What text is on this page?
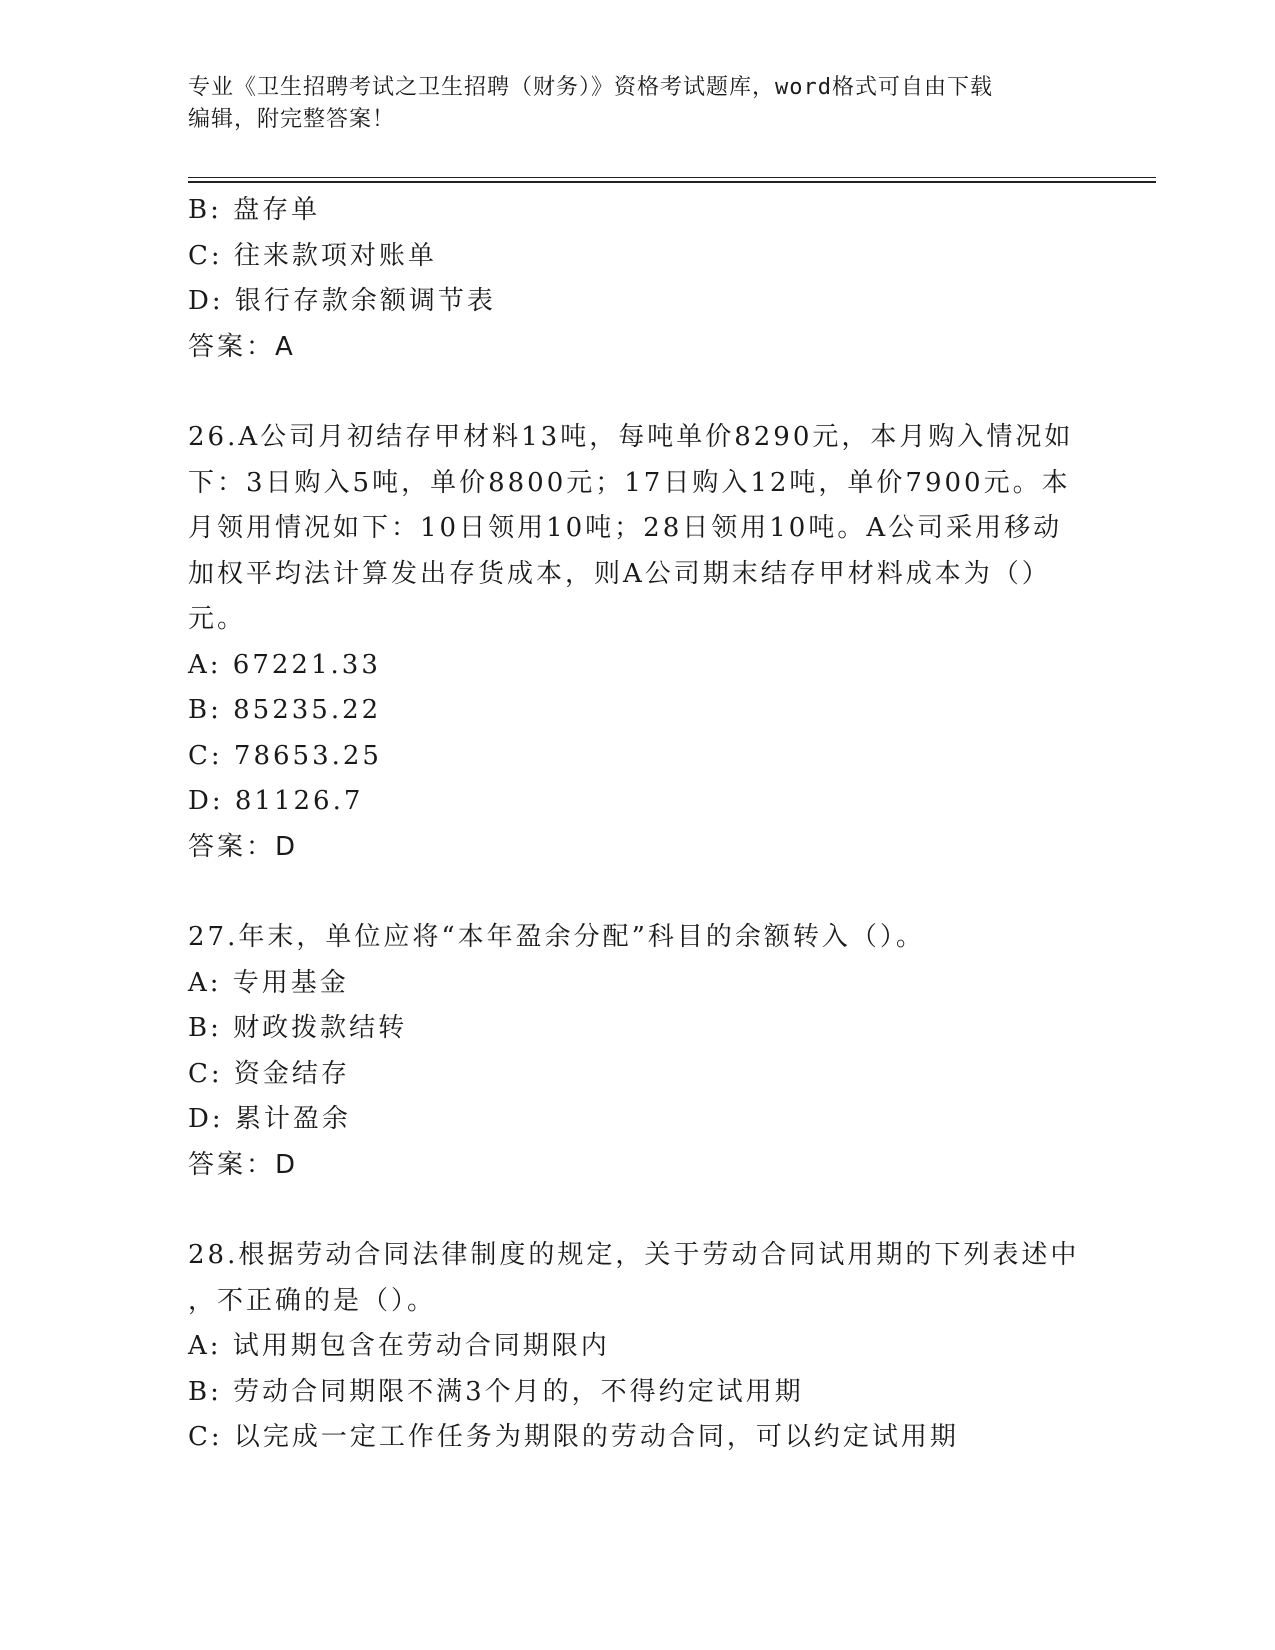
专业《卫生招聘考试之卫生招聘（财务）》资格考试题库，word格式可自由下载
编辑，附完整答案！
B: 盘存单
C: 往来款项对账单
D: 银行存款余额调节表
答案：A
26.A公司月初结存甲材料13吨，每吨单价8290元，本月购入情况如
下：3日购入5吨，单价8800元；17日购入12吨，单价7900元。本
月领用情况如下：10日领用10吨；28日领用10吨。A公司采用移动
加权平均法计算发出存货成本，则A公司期末结存甲材料成本为（）
元。
A: 67221.33
B: 85235.22
C: 78653.25
D: 81126.7
答案：D
27.年末，单位应将“本年盈余分配”科目的余额转入（）。
A: 专用基金
B: 财政拨款结转
C: 资金结存
D: 累计盈余
答案：D
28.根据劳动合同法律制度的规定，关于劳动合同试用期的下列表述中
，不正确的是（）。
A: 试用期包含在劳动合同期限内
B: 劳动合同期限不满3个月的，不得约定试用期
C: 以完成一定工作任务为期限的劳动合同，可以约定试用期
